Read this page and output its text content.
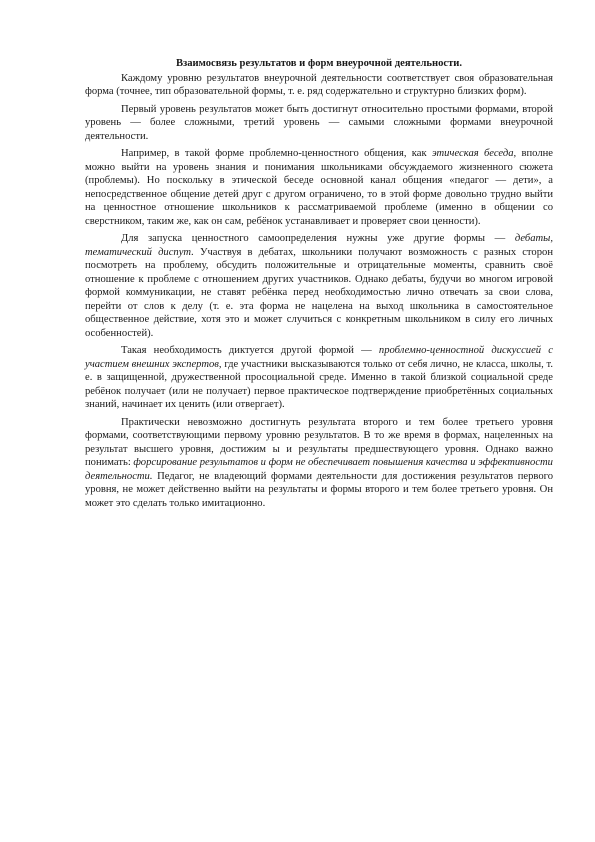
Взаимосвязь результатов и форм внеурочной деятельности.

Каждому уровню результатов внеурочной деятельности соответствует своя образовательная форма (точнее, тип образовательной формы, т. е. ряд содержательно и структурно близких форм).

Первый уровень результатов может быть достигнут относительно простыми формами, второй уровень — более сложными, третий уровень — самыми сложными формами внеурочной деятельности.

Например, в такой форме проблемно-ценностного общения, как этическая беседа, вполне можно выйти на уровень знания и понимания школьниками обсуждаемого жизненного сюжета (проблемы). Но поскольку в этической беседе основной канал общения «педагог — дети», а непосредственное общение детей друг с другом ограничено, то в этой форме довольно трудно выйти на ценностное отношение школьников к рассматриваемой проблеме (именно в общении со сверстником, таким же, как он сам, ребёнок устанавливает и проверяет свои ценности).

Для запуска ценностного самоопределения нужны уже другие формы — дебаты, тематический диспут. Участвуя в дебатах, школьники получают возможность с разных сторон посмотреть на проблему, обсудить положительные и отрицательные моменты, сравнить своё отношение к проблеме с отношением других участников. Однако дебаты, будучи во многом игровой формой коммуникации, не ставят ребёнка перед необходимостью лично отвечать за свои слова, перейти от слов к делу (т. е. эта форма не нацелена на выход школьника в самостоятельное общественное действие, хотя это и может случиться с конкретным школьником в силу его личных особенностей).

Такая необходимость диктуется другой формой — проблемно-ценностной дискуссией с участием внешних экспертов, где участники высказываются только от себя лично, не класса, школы, т. е. в защищенной, дружественной просоциальной среде. Именно в такой близкой социальной среде ребёнок получает (или не получает) первое практическое подтверждение приобретённых социальных знаний, начинает их ценить (или отвергает).

Практически невозможно достигнуть результата второго и тем более третьего уровня формами, соответствующими первому уровню результатов. В то же время в формах, нацеленных на результат высшего уровня, достижим ы и результаты предшествующего уровня. Однако важно понимать: форсирование результатов и форм не обеспечивает повышения качества и эффективности деятельности. Педагог, не владеющий формами деятельности для достижения результатов первого уровня, не может действенно выйти на результаты и формы второго и тем более третьего уровня. Он может это сделать только имитационно.
